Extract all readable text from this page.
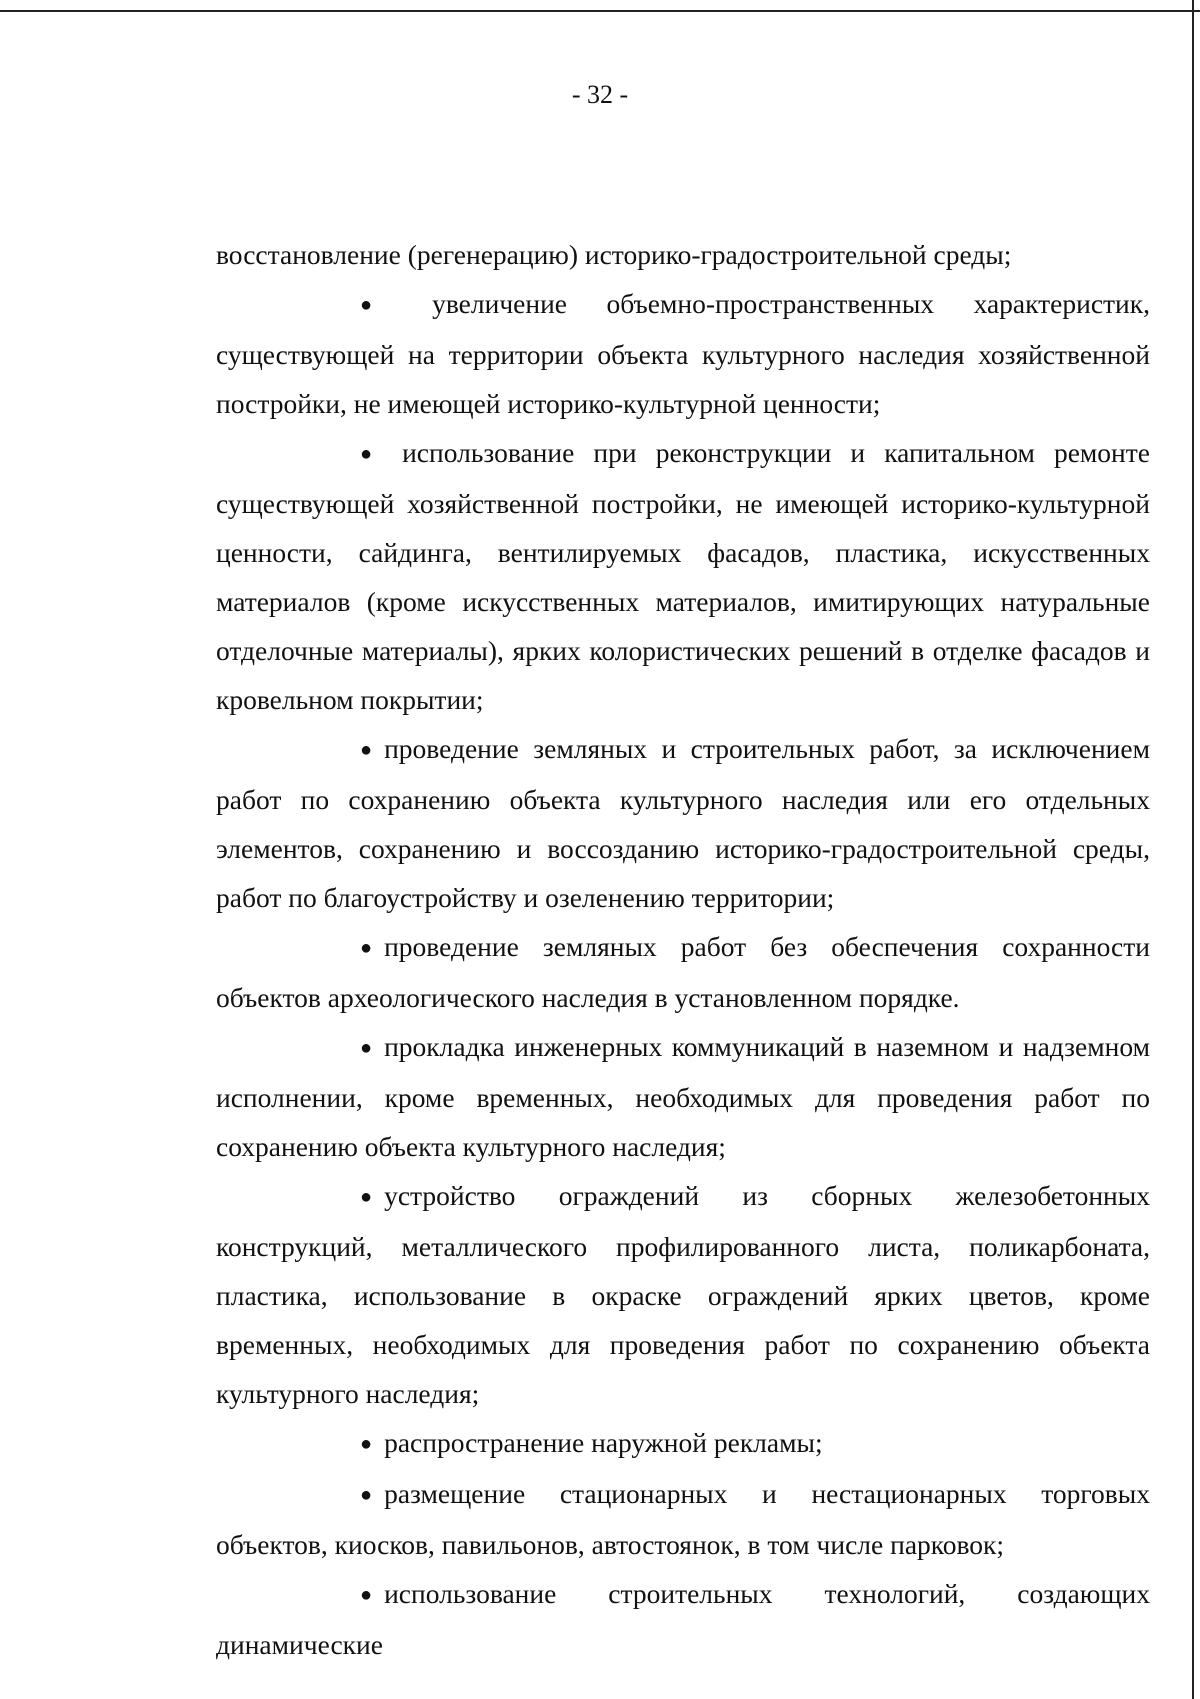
- 32 -

восстановление (регенерацию) историко-градостроительной среды;

● увеличение объемно-пространственных характеристик, существующей на территории объекта культурного наследия хозяйственной постройки, не имеющей историко-культурной ценности;

● использование при реконструкции и капитальном ремонте существующей хозяйственной постройки, не имеющей историко-культурной ценности, сайдинга, вентилируемых фасадов, пластика, искусственных материалов (кроме искусственных материалов, имитирующих натуральные отделочные материалы), ярких колористических решений в отделке фасадов и кровельном покрытии;

● проведение земляных и строительных работ, за исключением работ по сохранению объекта культурного наследия или его отдельных элементов, сохранению и воссозданию историко-градостроительной среды, работ по благоустройству и озеленению территории;

● проведение земляных работ без обеспечения сохранности объектов археологического наследия в установленном порядке.

● прокладка инженерных коммуникаций в наземном и надземном исполнении, кроме временных, необходимых для проведения работ по сохранению объекта культурного наследия;

● устройство ограждений из сборных железобетонных конструкций, металлического профилированного листа, поликарбоната, пластика, использование в окраске ограждений ярких цветов, кроме временных, необходимых для проведения работ по сохранению объекта культурного наследия;

● распространение наружной рекламы;

● размещение стационарных и нестационарных торговых объектов, киосков, павильонов, автостоянок, в том числе парковок;

● использование строительных технологий, создающих динамические
